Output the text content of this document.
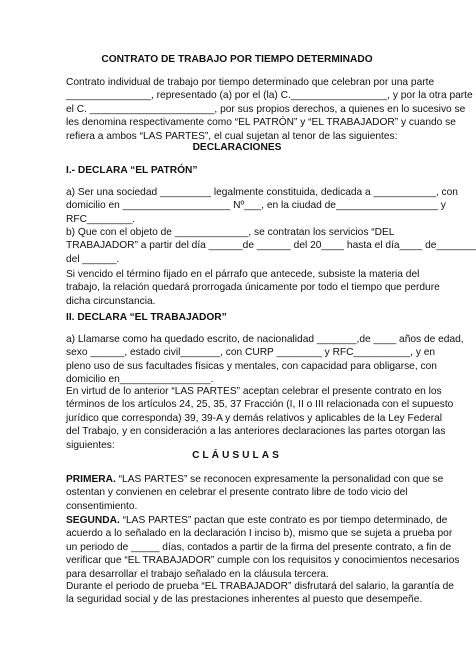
CONTRATO DE TRABAJO POR TIEMPO DETERMINADO
Contrato individual de trabajo por tiempo determinado que celebran por una parte
_______________, representado (a) por el (la) C._________________, y por la otra parte
el C. ______________________, por sus propios derechos, a quienes en lo sucesivo se
les denomina respectivamente como “EL PATRÓN” y “EL TRABAJADOR” y cuando se
refiera a ambos “LAS PARTES”, el cual sujetan al tenor de las siguientes:
DECLARACIONES
I.- DECLARA “EL PATRÓN”
a) Ser una sociedad _________ legalmente constituida, dedicada a ___________, con
domicilio en ___________________ Nº___, en la ciudad de__________________ y
RFC________.
b) Que con el objeto de _____________, se contratan los servicios “DEL
TRABAJADOR” a partir del día ______de ______ del 20____ hasta el día____ de_______
del ______.
Si vencido el término fijado en el párrafo que antecede, subsiste la materia del
trabajo, la relación quedará prorrogada únicamente por todo el tiempo que perdure
dicha circunstancia.
II. DECLARA “EL TRABAJADOR”
a) Llamarse como ha quedado escrito, de nacionalidad _______,de ____ años de edad,
sexo ______, estado civil_______, con CURP ________ y RFC__________, y en
pleno uso de sus facultades físicas y mentales, con capacidad para obligarse, con
domicilio en________________.
En virtud de lo anterior “LAS PARTES” aceptan celebrar el presente contrato en los
términos de los artículos 24, 25, 35, 37 Fracción (I, II o III relacionada con el supuesto
jurídico que corresponda) 39, 39-A y demás relativos y aplicables de la Ley Federal
del Trabajo, y en consideración a las anteriores declaraciones las partes otorgan las
siguientes:
CLÁUSULAS
PRIMERA. “LAS PARTES” se reconocen expresamente la personalidad con que se
ostentan y convienen en celebrar el presente contrato libre de todo vicio del
consentimiento.
SEGUNDA. “LAS PARTES” pactan que este contrato es por tiempo determinado, de
acuerdo a lo señalado en la declaración I inciso b), mismo que se sujeta a prueba por
un periodo de _____ días, contados a partir de la firma del presente contrato, a fin de
verificar que “EL TRABAJADOR” cumple con los requisitos y conocimientos necesarios
para desarrollar el trabajo señalado en la cláusula tercera.
Durante el periodo de prueba “EL TRABAJADOR” disfrutará del salario, la garantía de
la seguridad social y de las prestaciones inherentes al puesto que desempeñe.
